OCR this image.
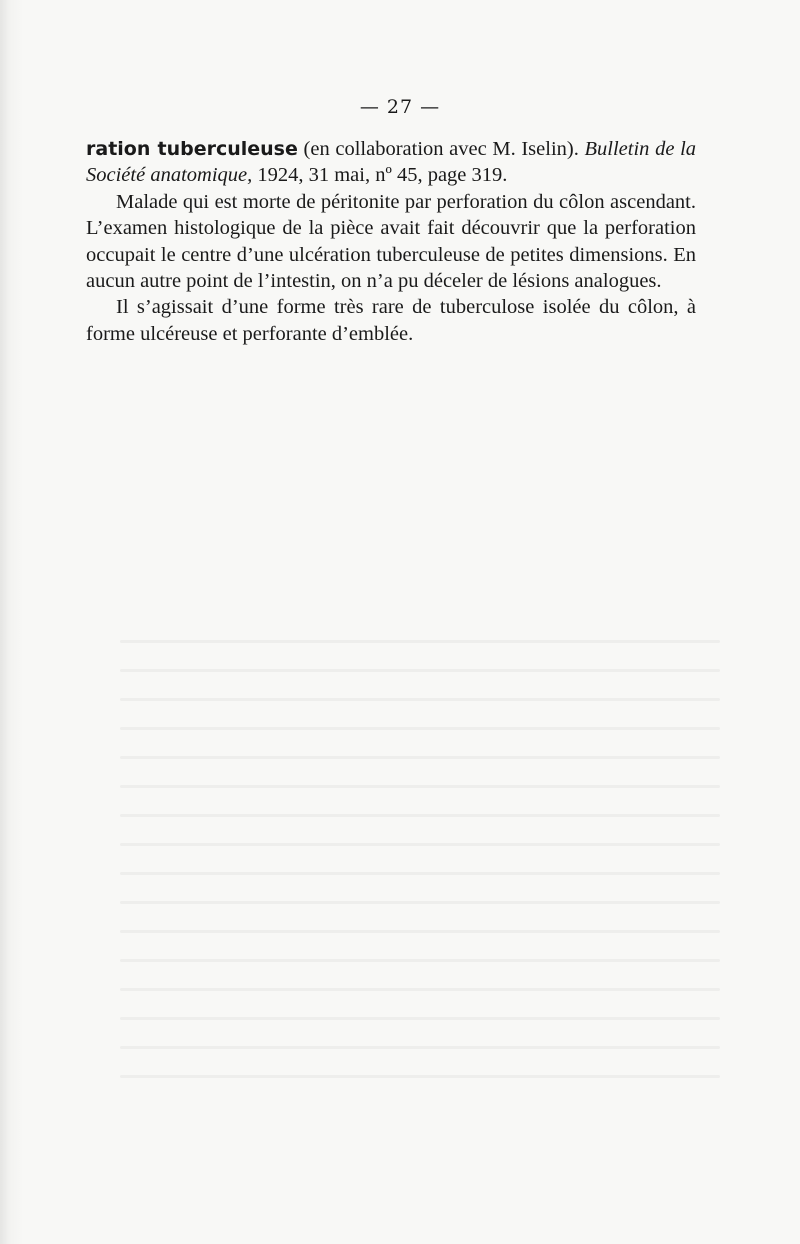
— 27 —

ration tuberculeuse (en collaboration avec M. Iselin). Bulletin de la Société anatomique, 1924, 31 mai, nº 45, page 319.

Malade qui est morte de péritonite par perforation du côlon ascendant. L’examen histologique de la pièce avait fait découvrir que la perforation occupait le centre d’une ulcération tuberculeuse de petites dimensions. En aucun autre point de l’intestin, on n’a pu déceler de lésions analogues.

Il s’agissait d’une forme très rare de tuberculose isolée du côlon, à forme ulcéreuse et perforante d’emblée.
